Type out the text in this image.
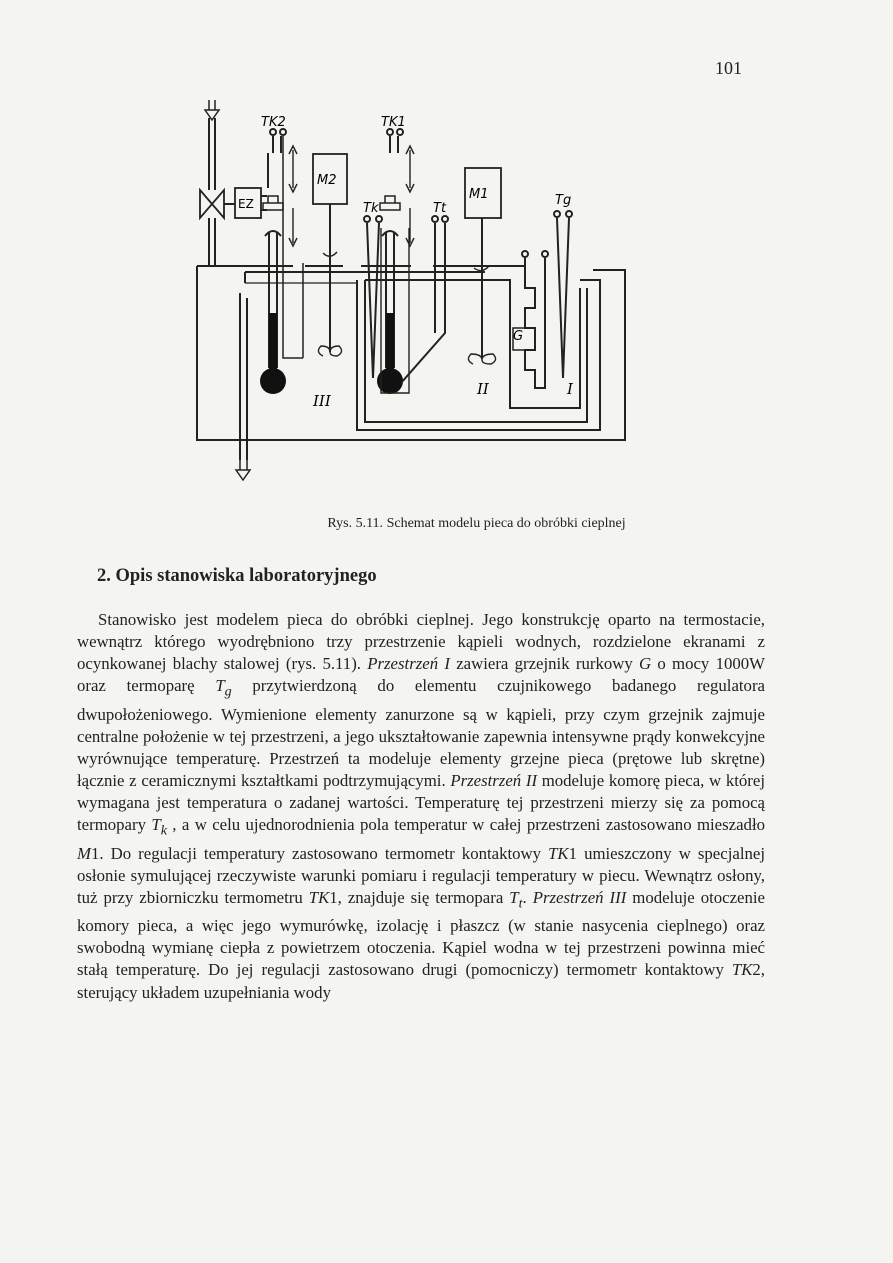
101
TK2	TK1
EZ
M2
M1
Tk	Tt
Tg
G
III
II	I
Rys. 5.11. Schemat modelu pieca do obróbki cieplnej
2. Opis stanowiska laboratoryjnego

Stanowisko jest modelem pieca do obróbki cieplnej. Jego konstrukcję oparto na termostacie, wewnątrz którego wyodrębniono trzy przestrzenie kąpieli wodnych, rozdzielone ekranami z ocynkowanej blachy stalowej (rys. 5.11). Przestrzeń I zawiera grzejnik rurkowy G o mocy 1000W oraz termoparę $T_g$ przytwierdzoną do elementu czujnikowego badanego regulatora dwupołożeniowego. Wymienione elementy zanurzone są w kąpieli, przy czym grzejnik zajmuje centralne położenie w tej przestrzeni, a jego ukształtowanie zapewnia intensywne prądy konwekcyjne wyrównujące temperaturę. Przestrzeń ta modeluje elementy grzejne pieca (prętowe lub skrętne) łącznie z ceramicznymi kształtkami podtrzymującymi. Przestrzeń II modeluje komorę pieca, w której wymagana jest temperatura o zadanej wartości. Temperaturę tej przestrzeni mierzy się za pomocą termopary $T_k$ , a w celu ujednorodnienia pola temperatur w całej przestrzeni zastosowano mieszadło M1. Do regulacji temperatury zastosowano termometr kontaktowy TK1 umieszczony w specjalnej osłonie symulującej rzeczywiste warunki pomiaru i regulacji temperatury w piecu. Wewnątrz osłony, tuż przy zbiorniczku termometru TK1, znajduje się termopara $T_t$. Przestrzeń III modeluje otoczenie komory pieca, a więc jego wymurówkę, izolację i płaszcz (w stanie nasycenia cieplnego) oraz swobodną wymianę ciepła z powietrzem otoczenia. Kąpiel wodna w tej przestrzeni powinna mieć stałą temperaturę. Do jej regulacji zastosowano drugi (pomocniczy) termometr kontaktowy TK2, sterujący układem uzupełniania wody
